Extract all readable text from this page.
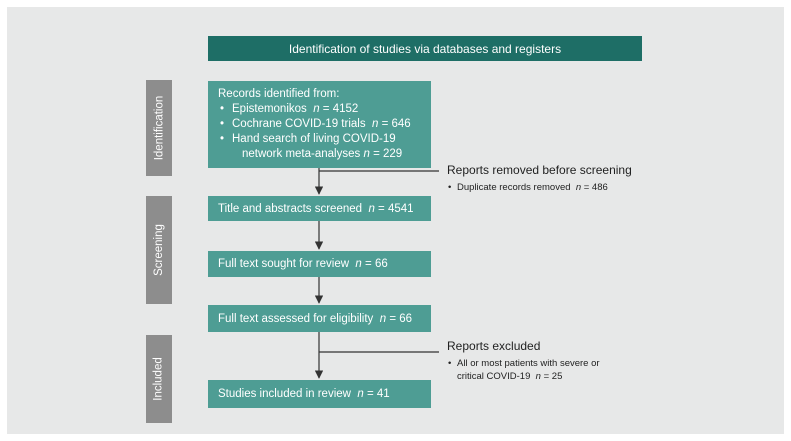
Identification of studies via databases and registers
Identification
Screening
Included
Records identified from:
• Epistemonikos n = 4152
• Cochrane COVID-19 trials n = 646
• Hand search of living COVID-19
network meta-analyses n = 229
Reports removed before screening
• Duplicate records removed n = 486
Title and abstracts screened
n
= 4541
Full text sought for review
n
= 66
Full text assessed for eligibility
n
= 66
Reports excluded
• All or most patients with severe or
critical COVID-19 n = 25
Studies included in review
n
= 41
